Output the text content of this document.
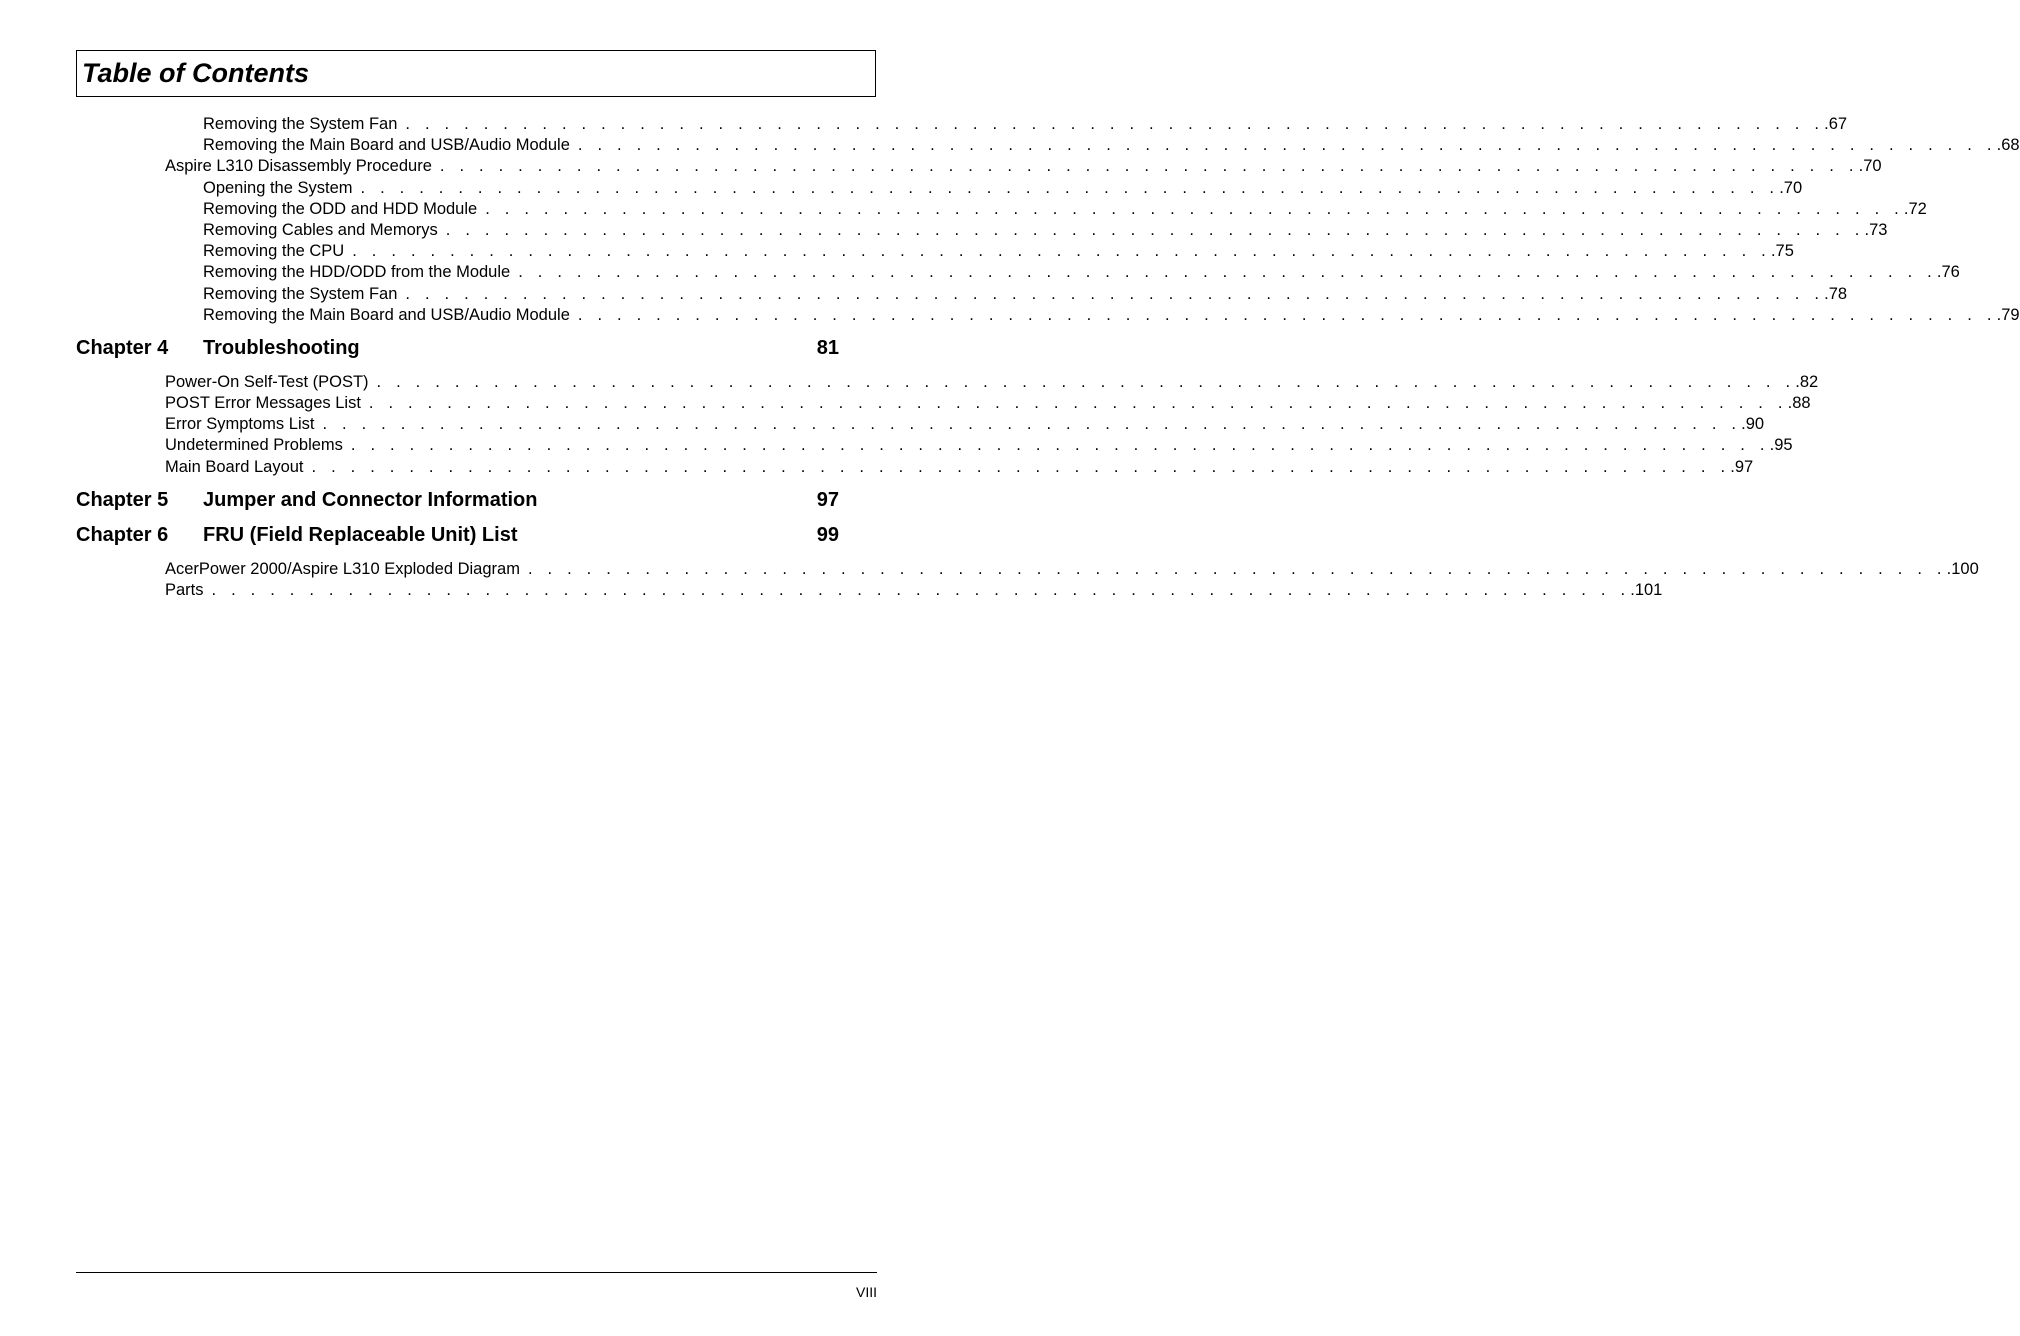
Table of Contents
Removing the System Fan . . . . . . . . . . . . . . . . . . . . . . . . . . . . . . . . . . . . . . . . . . . . . . . . . . . . . . . . . . . . . . . . . . . . . . . . . .67
Removing the Main Board and USB/Audio Module . . . . . . . . . . . . . . . . . . . . . . . . . . . . . . . . . . . . . . . . . . . . . . . . . . . . . . . . . . . . . . . . . . . . . . . . . .68
Aspire L310 Disassembly Procedure . . . . . . . . . . . . . . . . . . . . . . . . . . . . . . . . . . . . . . . . . . . . . . . . . . . . . . . . . . . . . . . . . . . . . . . . . .70
Opening the System . . . . . . . . . . . . . . . . . . . . . . . . . . . . . . . . . . . . . . . . . . . . . . . . . . . . . . . . . . . . . . . . . . . . . . . . . .70
Removing the ODD and HDD Module . . . . . . . . . . . . . . . . . . . . . . . . . . . . . . . . . . . . . . . . . . . . . . . . . . . . . . . . . . . . . . . . . . . . . . . . . .72
Removing Cables and Memorys . . . . . . . . . . . . . . . . . . . . . . . . . . . . . . . . . . . . . . . . . . . . . . . . . . . . . . . . . . . . . . . . . . . . . . . . . .73
Removing the CPU . . . . . . . . . . . . . . . . . . . . . . . . . . . . . . . . . . . . . . . . . . . . . . . . . . . . . . . . . . . . . . . . . . . . . . . . . .75
Removing the HDD/ODD from the Module . . . . . . . . . . . . . . . . . . . . . . . . . . . . . . . . . . . . . . . . . . . . . . . . . . . . . . . . . . . . . . . . . . . . . . . . . .76
Removing the System Fan . . . . . . . . . . . . . . . . . . . . . . . . . . . . . . . . . . . . . . . . . . . . . . . . . . . . . . . . . . . . . . . . . . . . . . . . . .78
Removing the Main Board and USB/Audio Module . . . . . . . . . . . . . . . . . . . . . . . . . . . . . . . . . . . . . . . . . . . . . . . . . . . . . . . . . . . . . . . . . . . . . . . . . .79
Chapter 4 Troubleshooting	81
Power-On Self-Test (POST) . . . . . . . . . . . . . . . . . . . . . . . . . . . . . . . . . . . . . . . . . . . . . . . . . . . . . . . . . . . . . . . . . . . . . . . . . .82
POST Error Messages List . . . . . . . . . . . . . . . . . . . . . . . . . . . . . . . . . . . . . . . . . . . . . . . . . . . . . . . . . . . . . . . . . . . . . . . . . .88
Error Symptoms List . . . . . . . . . . . . . . . . . . . . . . . . . . . . . . . . . . . . . . . . . . . . . . . . . . . . . . . . . . . . . . . . . . . . . . . . . .90
Undetermined Problems . . . . . . . . . . . . . . . . . . . . . . . . . . . . . . . . . . . . . . . . . . . . . . . . . . . . . . . . . . . . . . . . . . . . . . . . . .95
Main Board Layout . . . . . . . . . . . . . . . . . . . . . . . . . . . . . . . . . . . . . . . . . . . . . . . . . . . . . . . . . . . . . . . . . . . . . . . . . .97
Chapter 5 Jumper and Connector Information	97
Chapter 6 FRU (Field Replaceable Unit) List	99
AcerPower 2000/Aspire L310 Exploded Diagram . . . . . . . . . . . . . . . . . . . . . . . . . . . . . . . . . . . . . . . . . . . . . . . . . . . . . . . . . . . . . . . . . . . . . . . . . .100
Parts . . . . . . . . . . . . . . . . . . . . . . . . . . . . . . . . . . . . . . . . . . . . . . . . . . . . . . . . . . . . . . . . . . . . . . . . . .101
VIII
